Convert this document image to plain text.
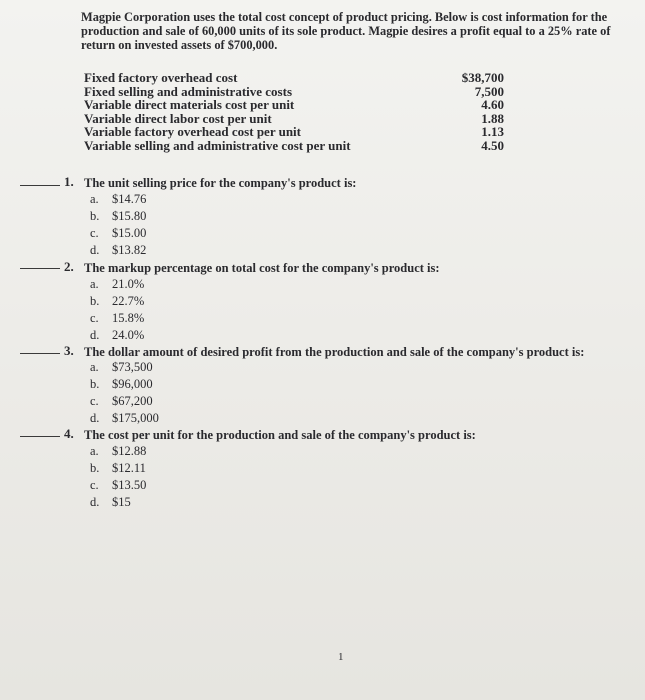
Magpie Corporation uses the total cost concept of product pricing. Below is cost information for the production and sale of 60,000 units of its sole product. Magpie desires a profit equal to a 25% rate of return on invested assets of $700,000.
Fixed factory overhead cost	$38,700
Fixed selling and administrative costs	7,500
Variable direct materials cost per unit	4.60
Variable direct labor cost per unit	1.88
Variable factory overhead cost per unit	1.13
Variable selling and administrative cost per unit	4.50
1. The unit selling price for the company's product is:
a. $14.76
b. $15.80
c. $15.00
d. $13.82
2. The markup percentage on total cost for the company's product is:
a. 21.0%
b. 22.7%
c. 15.8%
d. 24.0%
3. The dollar amount of desired profit from the production and sale of the company's product is:
a. $73,500
b. $96,000
c. $67,200
d. $175,000
4. The cost per unit for the production and sale of the company's product is:
a. $12.88
b. $12.11
c. $13.50
d. $15
1
